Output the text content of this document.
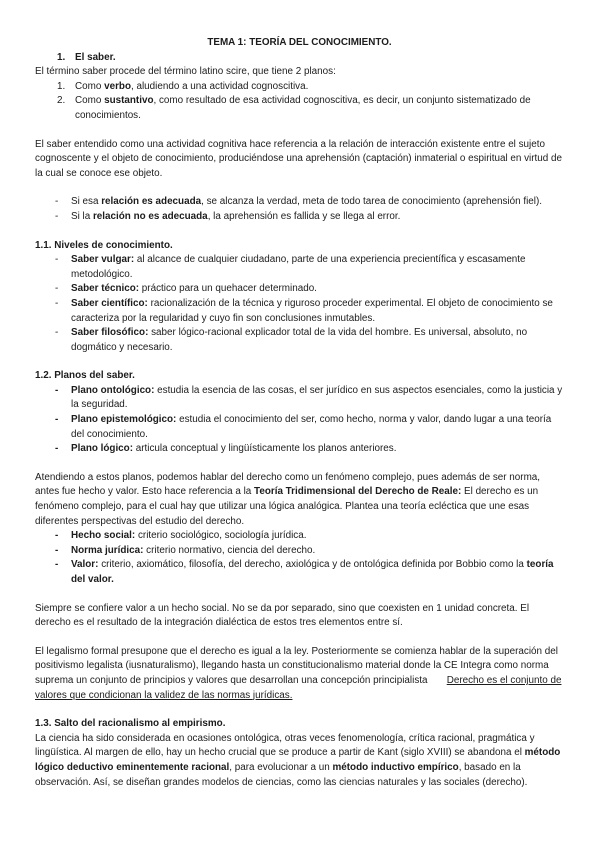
TEMA 1: TEORÍA DEL CONOCIMIENTO.

1. El saber.

El término saber procede del término latino scire, que tiene 2 planos:

1. Como verbo, aludiendo a una actividad cognoscitiva.
2. Como sustantivo, como resultado de esa actividad cognoscitiva, es decir, un conjunto sistematizado de conocimientos.

El saber entendido como una actividad cognitiva hace referencia a la relación de interacción existente entre el sujeto cognoscente y el objeto de conocimiento, produciéndose una aprehensión (captación) inmaterial o espiritual en virtud de la cual se conoce ese objeto.

-	Si esa relación es adecuada, se alcanza la verdad, meta de todo tarea de conocimiento (aprehensión fiel).
-	Si la relación no es adecuada, la aprehensión es fallida y se llega al error.

1.1. Niveles de conocimiento.

-	Saber vulgar: al alcance de cualquier ciudadano, parte de una experiencia precientífica y escasamente metodológico.
-	Saber técnico: práctico para un quehacer determinado.
-	Saber científico: racionalización de la técnica y riguroso proceder experimental. El objeto de conocimiento se caracteriza por la regularidad y cuyo fin son conclusiones inmutables.
-	Saber filosófico: saber lógico-racional explicador total de la vida del hombre. Es universal, absoluto, no dogmático y necesario.

1.2. Planos del saber.

-	Plano ontológico: estudia la esencia de las cosas, el ser jurídico en sus aspectos esenciales, como la justicia y la seguridad.
-	Plano epistemológico: estudia el conocimiento del ser, como hecho, norma y valor, dando lugar a una teoría del conocimiento.
-	Plano lógico: articula conceptual y lingüísticamente los planos anteriores.

Atendiendo a estos planos, podemos hablar del derecho como un fenómeno complejo, pues además de ser norma, antes fue hecho y valor. Esto hace referencia a la Teoría Tridimensional del Derecho de Reale: El derecho es un fenómeno complejo, para el cual hay que utilizar una lógica analógica. Plantea una teoría ecléctica que une esas diferentes perspectivas del estudio del derecho.

-	Hecho social: criterio sociológico, sociología jurídica.
-	Norma jurídica: criterio normativo, ciencia del derecho.
-	Valor: criterio, axiomático, filosofía, del derecho, axiológica y de ontológica definida por Bobbio como la teoría del valor.

Siempre se confiere valor a un hecho social. No se da por separado, sino que coexisten en 1 unidad concreta. El derecho es el resultado de la integración dialéctica de estos tres elementos entre sí.

El legalismo formal presupone que el derecho es igual a la ley. Posteriormente se comienza hablar de la superación del positivismo legalista (iusnaturalismo), llegando hasta un constitucionalismo material donde la CE Integra como norma suprema un conjunto de principios y valores que desarrollan una concepción principialista Derecho es el conjunto de valores que condicionan la validez de las normas jurídicas.

1.3. Salto del racionalismo al empirismo.

La ciencia ha sido considerada en ocasiones ontológica, otras veces fenomenología, crítica racional, pragmática y lingüística. Al margen de ello, hay un hecho crucial que se produce a partir de Kant (siglo XVIII) se abandona el método lógico deductivo eminentemente racional, para evolucionar a un método inductivo empírico, basado en la observación. Así, se diseñan grandes modelos de ciencias, como las ciencias naturales y las sociales (derecho).
